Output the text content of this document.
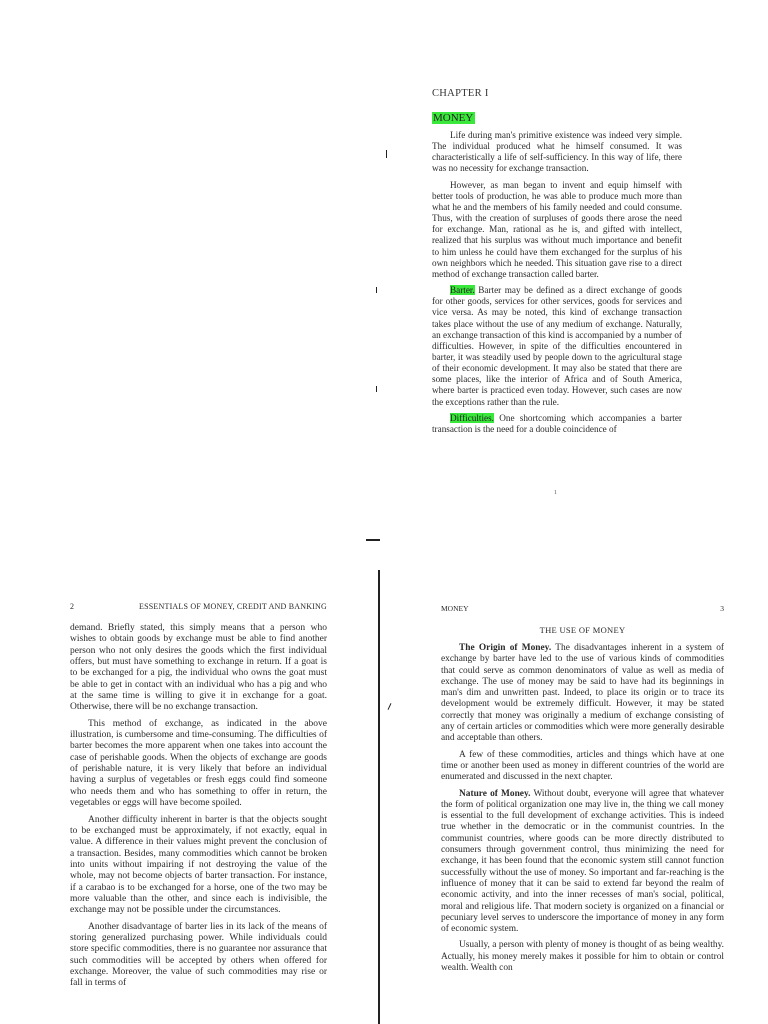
CHAPTER I
MONEY

Life during man's primitive existence was indeed very simple. The individual produced what he himself consumed. It was characteristically a life of self-sufficiency. In this way of life, there was no necessity for exchange transaction.

However, as man began to invent and equip himself with better tools of production, he was able to produce much more than what he and the members of his family needed and could consume. Thus, with the creation of surpluses of goods there arose the need for exchange. Man, rational as he is, and gifted with intellect, realized that his surplus was without much importance and benefit to him unless he could have them exchanged for the surplus of his own neighbors which he needed. This situation gave rise to a direct method of exchange transaction called barter.

Barter. Barter may be defined as a direct exchange of goods for other goods, services for other services, goods for services and vice versa. As may be noted, this kind of exchange transaction takes place without the use of any medium of exchange. Naturally, an exchange transaction of this kind is accompanied by a number of difficulties. However, in spite of the difficulties encountered in barter, it was steadily used by people down to the agricultural stage of their economic development. It may also be stated that there are some places, like the interior of Africa and of South America, where barter is practiced even today. However, such cases are now the exceptions rather than the rule.

Difficulties. One shortcoming which accompanies a barter transaction is the need for a double coincidence of

1
2	ESSENTIALS OF MONEY, CREDIT AND BANKING

demand. Briefly stated, this simply means that a person who wishes to obtain goods by exchange must be able to find another person who not only desires the goods which the first individual offers, but must have something to exchange in return. If a goat is to be exchanged for a pig, the individual who owns the goat must be able to get in contact with an individual who has a pig and who at the same time is willing to give it in exchange for a goat. Otherwise, there will be no exchange transaction.

This method of exchange, as indicated in the above illustration, is cumbersome and time-consuming. The difficulties of barter becomes the more apparent when one takes into account the case of perishable goods. When the objects of exchange are goods of perishable nature, it is very likely that before an individual having a surplus of vegetables or fresh eggs could find someone who needs them and who has something to offer in return, the vegetables or eggs will have become spoiled.

Another difficulty inherent in barter is that the objects sought to be exchanged must be approximately, if not exactly, equal in value. A difference in their values might prevent the conclusion of a transaction. Besides, many commodities which cannot be broken into units without impairing if not destroying the value of the whole, may not become objects of barter transaction. For instance, if a carabao is to be exchanged for a horse, one of the two may be more valuable than the other, and since each is indivisible, the exchange may not be possible under the circumstances.

Another disadvantage of barter lies in its lack of the means of storing generalized purchasing power. While individuals could store specific commodities, there is no guarantee nor assurance that such commodities will be accepted by others when offered for exchange. Moreover, the value of such commodities may rise or fall in terms of

MONEY	3
THE USE OF MONEY

The Origin of Money. The disadvantages inherent in a system of exchange by barter have led to the use of various kinds of commodities that could serve as common denominators of value as well as media of exchange. The use of money may be said to have had its beginnings in man's dim and unwritten past. Indeed, to place its origin or to trace its development would be extremely difficult. However, it may be stated correctly that money was originally a medium of exchange consisting of any of certain articles or commodities which were more generally desirable and acceptable than others.

A few of these commodities, articles and things which have at one time or another been used as money in different countries of the world are enumerated and discussed in the next chapter.

Nature of Money. Without doubt, everyone will agree that whatever the form of political organization one may live in, the thing we call money is essential to the full development of exchange activities. This is indeed true whether in the democratic or in the communist countries. In the communist countries, where goods can be more directly distributed to consumers through government control, thus minimizing the need for exchange, it has been found that the economic system still cannot function successfully without the use of money. So important and far-reaching is the influence of money that it can be said to extend far beyond the realm of economic activity, and into the inner recesses of man's social, political, moral and religious life. That modern society is organized on a financial or pecuniary level serves to underscore the importance of money in any form of economic system.

Usually, a person with plenty of money is thought of as being wealthy. Actually, his money merely makes it possible for him to obtain or control wealth. Wealth con
